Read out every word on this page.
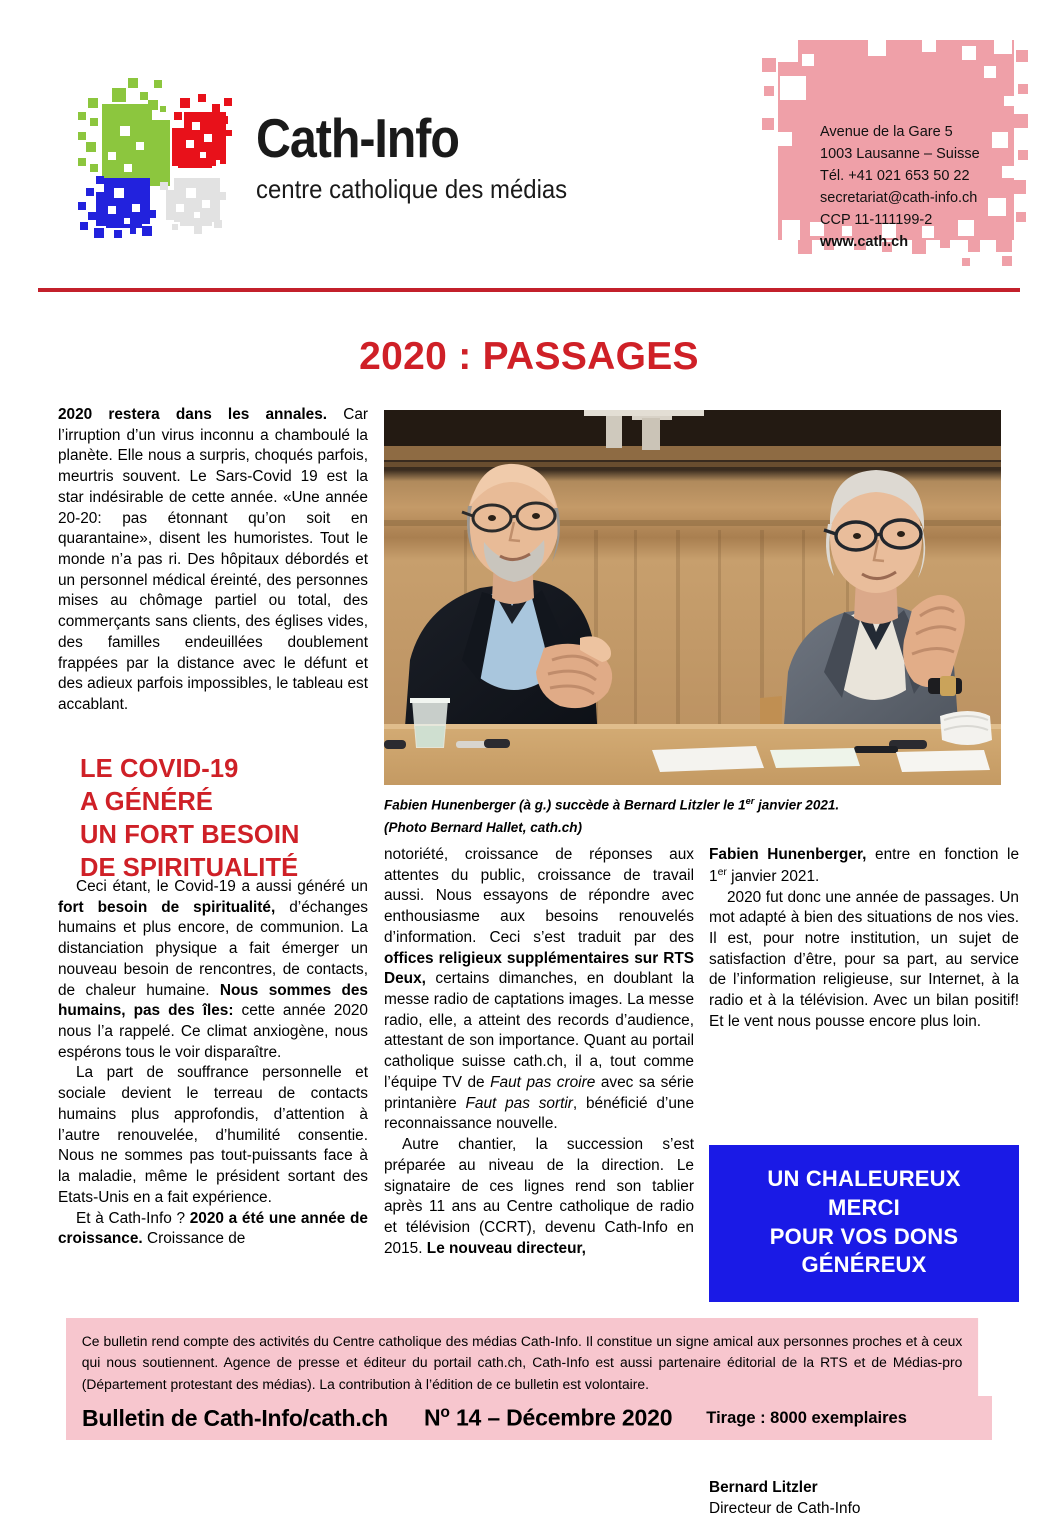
Cath-Info
centre catholique des médias
Avenue de la Gare 5
1003 Lausanne – Suisse
Tél. +41 021 653 50 22
secretariat@cath-info.ch
CCP 11-111199-2
www.cath.ch
2020 : PASSAGES

2020 restera dans les annales. Car l’irruption d’un virus inconnu a chamboulé la planète. Elle nous a surpris, choqués parfois, meurtris souvent. Le Sars-Covid 19 est la star indésirable de cette année. «Une année 20-20: pas étonnant qu’on soit en quarantaine», disent les humoristes. Tout le monde n’a pas ri. Des hôpitaux débordés et un personnel médical éreinté, des personnes mises au chômage partiel ou total, des commerçants sans clients, des églises vides, des familles endeuillées doublement frappées par la distance avec le défunt et des adieux parfois impossibles, le tableau est accablant.

Fabien Hunenberger (à g.) succède à Bernard Litzler le 1er janvier 2021.
(Photo Bernard Hallet, cath.ch)
LE COVID-19
A GÉNÉRÉ
UN FORT BESOIN
DE SPIRITUALITÉ

Ceci étant, le Covid-19 a aussi généré un fort besoin de spiritualité, d’échanges humains et plus encore, de communion. La distanciation physique a fait émerger un nouveau besoin de rencontres, de contacts, de chaleur humaine. Nous sommes des humains, pas des îles: cette année 2020 nous l’a rappelé. Ce climat anxiogène, nous espérons tous le voir disparaître.

La part de souffrance personnelle et sociale devient le terreau de contacts humains plus approfondis, d’attention à l’autre renouvelée, d’humilité consentie. Nous ne sommes pas tout-puissants face à la maladie, même le président sortant des Etats-Unis en a fait expérience.

Et à Cath-Info ? 2020 a été une année de croissance. Croissance de

notoriété, croissance de réponses aux attentes du public, croissance de travail aussi. Nous essayons de répondre avec enthousiasme aux besoins renouvelés d’information. Ceci s’est traduit par des offices religieux supplémentaires sur RTS Deux, certains dimanches, en doublant la messe radio de captations images. La messe radio, elle, a atteint des records d’audience, attestant de son importance. Quant au portail catholique suisse cath.ch, il a, tout comme l’équipe TV de Faut pas croire avec sa série printanière Faut pas sortir, bénéficié d’une reconnaissance nouvelle.

Autre chantier, la succession s’est préparée au niveau de la direction. Le signataire de ces lignes rend son tablier après 11 ans au Centre catholique de radio et télévision (CCRT), devenu Cath-Info en 2015. Le nouveau directeur,

Fabien Hunenberger, entre en fonction le 1er janvier 2021.

2020 fut donc une année de passages. Un mot adapté à bien des situations de nos vies. Il est, pour notre institution, un sujet de satisfaction d’être, pour sa part, au service de l’information religieuse, sur Internet, à la radio et à la télévision. Avec un bilan positif! Et le vent nous pousse encore plus loin.

Bernard Litzler
Directeur de Cath-Info
UN CHALEUREUX
MERCI
POUR VOS DONS
GÉNÉREUX
Ce bulletin rend compte des activités du Centre catholique des médias Cath-Info. Il constitue un signe amical aux personnes proches et à ceux qui nous soutiennent. Agence de presse et éditeur du portail cath.ch, Cath-Info est aussi partenaire éditorial de la RTS et de Médias-pro (Département protestant des médias). La contribution à l’édition de ce bulletin est volontaire.
Bulletin de Cath-Info/cath.ch $N^o$ 14 – Décembre 2020 Tirage : 8000 exemplaires
